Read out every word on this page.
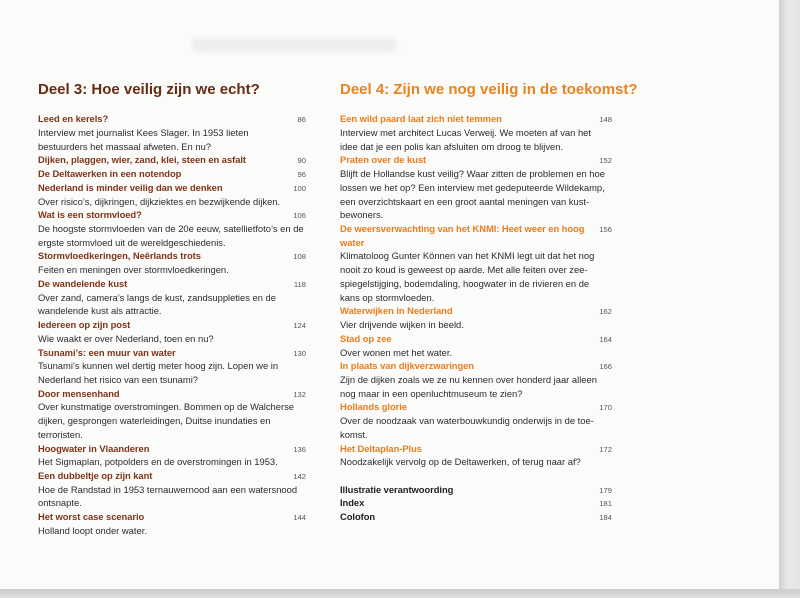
Deel 3: Hoe veilig zijn we echt?	Deel 4: Zijn we nog veilig in de toekomst?
Leed en kerels?	86
Interview met journalist Kees Slager. In 1953 lieten
bestuurders het massaal afweten. En nu?
Dijken, plaggen, wier, zand, klei, steen en asfalt	90
De Deltawerken in een notendop	96
Nederland is minder veilig dan we denken	100
Over risico’s, dijkringen, dijkziektes en bezwijkende dijken.
Wat is een stormvloed?	106
De hoogste stormvloeden van de 20e eeuw, satellietfoto’s en de
ergste stormvloed uit de wereldgeschiedenis.
Stormvloedkeringen, Neêrlands trots	108
Feiten en meningen over stormvloedkeringen.
De wandelende kust	118
Over zand, camera’s langs de kust, zandsuppleties en de
wandelende kust als attractie.
Iedereen op zijn post	124
Wie waakt er over Nederland, toen en nu?
Tsunami’s: een muur van water	130
Tsunami’s kunnen wel dertig meter hoog zijn. Lopen we in
Nederland het risico van een tsunami?
Door mensenhand	132
Over kunstmatige overstromingen. Bommen op de Walcherse
dijken, gesprongen waterleidingen, Duitse inundaties en
terroristen.
Hoogwater in Vlaanderen	136
Het Sigmaplan, potpolders en de overstromingen in 1953.
Een dubbeltje op zijn kant	142
Hoe de Randstad in 1953 ternauwernood aan een watersnood
ontsnapte.
Het worst case scenario	144
Holland loopt onder water.
Een wild paard laat zich niet temmen	148
Interview met architect Lucas Verweij. We moeten af van het
idee dat je een polis kan afsluiten om droog te blijven.
Praten over de kust	152
Blijft de Hollandse kust veilig? Waar zitten de problemen en hoe
lossen we het op? Een interview met gedeputeerde Wildekamp,
een overzichtskaart en een groot aantal meningen van kust-
bewoners.
De weersverwachting van het KNMI: Heet weer en hoog 156
water
Klimatoloog Gunter Können van het KNMI legt uit dat het nog
nooit zo koud is geweest op aarde. Met alle feiten over zee-
spiegelstijging, bodemdaling, hoogwater in de rivieren en de
kans op stormvloeden.
Waterwijken in Nederland	162
Vier drijvende wijken in beeld.
Stad op zee	164
Over wonen met het water.
In plaats van dijkverzwaringen	166
Zijn de dijken zoals we ze nu kennen over honderd jaar alleen
nog maar in een openluchtmuseum te zien?
Hollands glorie	170
Over de noodzaak van waterbouwkundig onderwijs in de toe-
komst.
Het Deltaplan-Plus	172
Noodzakelijk vervolg op de Deltawerken, of terug naar af?
Illustratie verantwoording	179
Index	181
Colofon	184
